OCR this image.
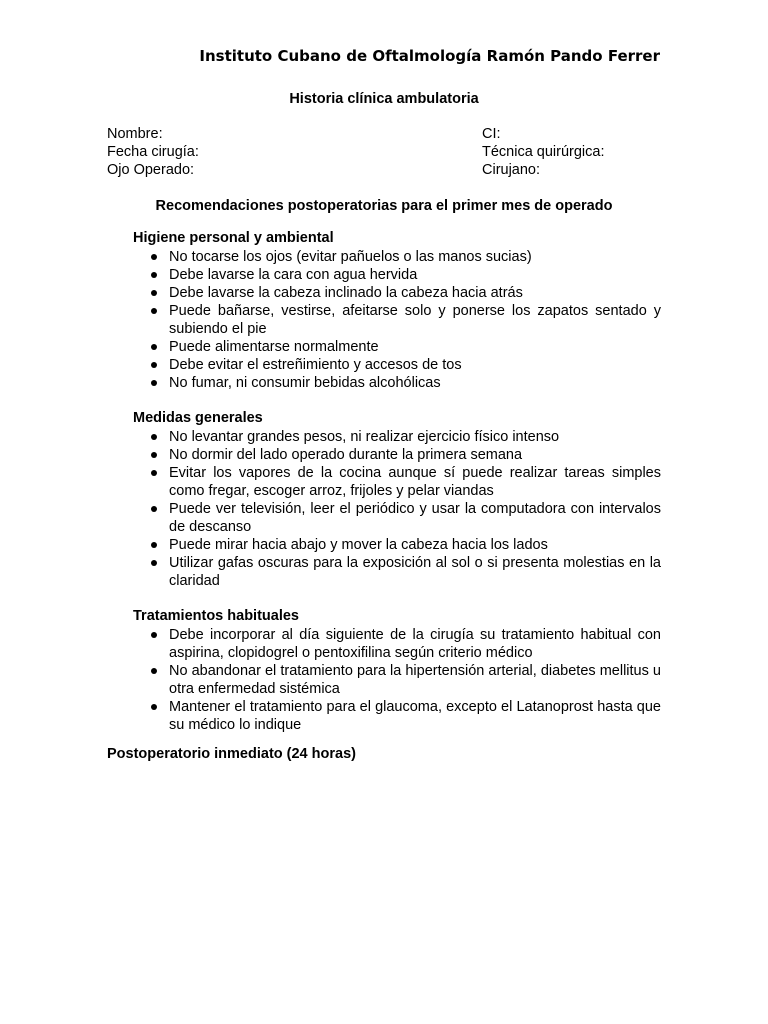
Instituto Cubano de Oftalmología Ramón Pando Ferrer
Historia clínica ambulatoria
Nombre:	CI:
Fecha cirugía:	Técnica quirúrgica:
Ojo Operado:	Cirujano:
Recomendaciones postoperatorias para el primer mes de operado
Higiene personal y ambiental
No tocarse los ojos (evitar pañuelos o las manos sucias)
Debe lavarse la cara con agua hervida
Debe lavarse la cabeza inclinado la cabeza hacia atrás
Puede bañarse, vestirse, afeitarse solo y ponerse los zapatos sentado y subiendo el pie
Puede alimentarse normalmente
Debe evitar el estreñimiento y accesos de tos
No fumar, ni consumir bebidas alcohólicas
Medidas generales
No levantar grandes pesos, ni realizar ejercicio físico intenso
No dormir del lado operado durante la primera semana
Evitar los vapores de la cocina aunque sí puede realizar tareas simples como fregar, escoger arroz, frijoles y pelar viandas
Puede ver televisión, leer el periódico y usar la computadora con intervalos de descanso
Puede mirar hacia abajo y mover la cabeza hacia los lados
Utilizar gafas oscuras para la exposición al sol o si presenta molestias en la claridad
Tratamientos habituales
Debe incorporar al día siguiente de la cirugía su tratamiento habitual con aspirina, clopidogrel o pentoxifilina según criterio médico
No abandonar el tratamiento para la hipertensión arterial, diabetes mellitus u otra enfermedad sistémica
Mantener el tratamiento para el glaucoma, excepto el Latanoprost hasta que su médico lo indique
Postoperatorio inmediato (24 horas)
